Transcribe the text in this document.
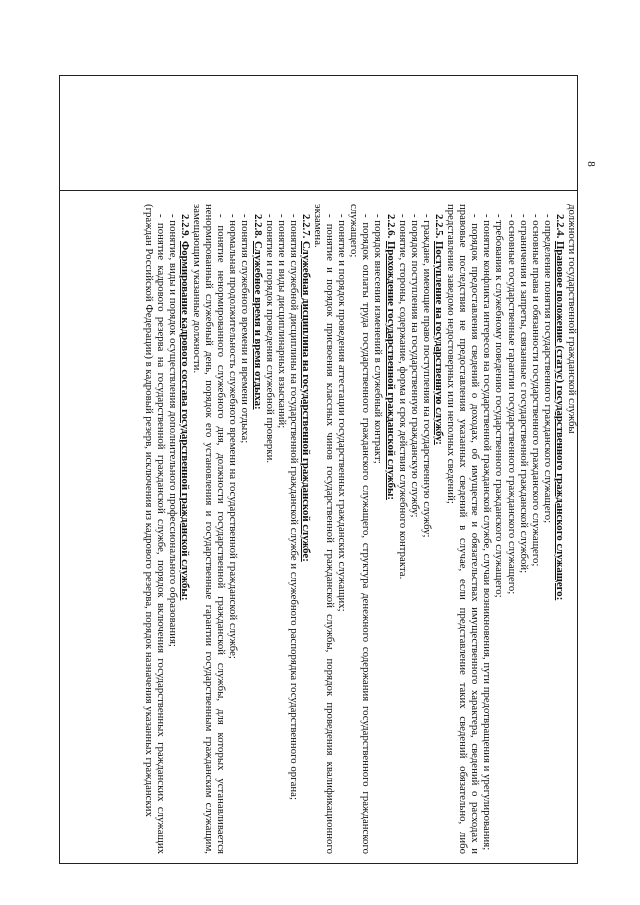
8

должности государственной гражданской службы

2.2.4. Правовое положение (статус) государственного гражданского служащего:

- определение понятия государственного гражданского служащего;

- основные права и обязанности государственного гражданского служащего;

- ограничения и запреты, связанные с государственной гражданской службой;

- основные государственные гарантии государственного гражданского служащего;

- требования к служебному поведению государственного гражданского служащего;

- понятие конфликта интересов на государственной гражданской службе, случаи возникновения, пути предотвращения и урегулирования;

- порядок предоставления сведений о доходах, об имуществе и обязательствах имущественного характера, сведений о расходах и правовые последствия не предоставления указанных сведений в случае, если представление таких сведений обязательно, либо представление заведомо недостоверных или неполных сведений;

2.2.5. Поступление на государственную службу:

- граждане, имеющие право поступления на государственную службу;

- порядок поступления на государственную гражданскую службу;

- понятие, стороны, содержание, форма и срок действия служебного контракта.

2.2.6. Прохождение государственной гражданской службы:

- порядок внесения изменений в служебный контракт;

- порядок оплаты труда государственного гражданского служащего, структура денежного содержания государственного гражданского служащего;

- понятие и порядок проведения аттестации государственных гражданских служащих;

- понятие и порядок присвоения классных чинов государственной гражданской службы, порядок проведения квалификационного экзамена.

2.2.7. Служебная дисциплина на государственной гражданской службе:

- понятия служебной дисциплины на государственной гражданской службе и служебного распорядка государственного органа;

- понятие и виды дисциплинарных взысканий;

- понятие и порядок проведения служебной проверки.

2.2.8. Служебное время и время отдыха:

- понятия служебного времени и времени отдыха;

- нормальная продолжительность служебного времени на государственной гражданской службе;

- понятие ненормированного служебного дня, должности государственной гражданской службы, для которых устанавливается ненормированный служебный день, порядок его установления и государственные гарантии государственным гражданским служащим, замещающим указанные должности.

2.2.9. Формирование кадрового состава государственной гражданской службы:

- понятие, виды и порядок осуществления дополнительного профессионального образования;

- понятие кадрового резерва на государственной гражданской службе, порядок включения государственных гражданских служащих (граждан Российской Федерации) в кадровый резерв, исключения из кадрового резерва, порядок назначения указанных гражданских
